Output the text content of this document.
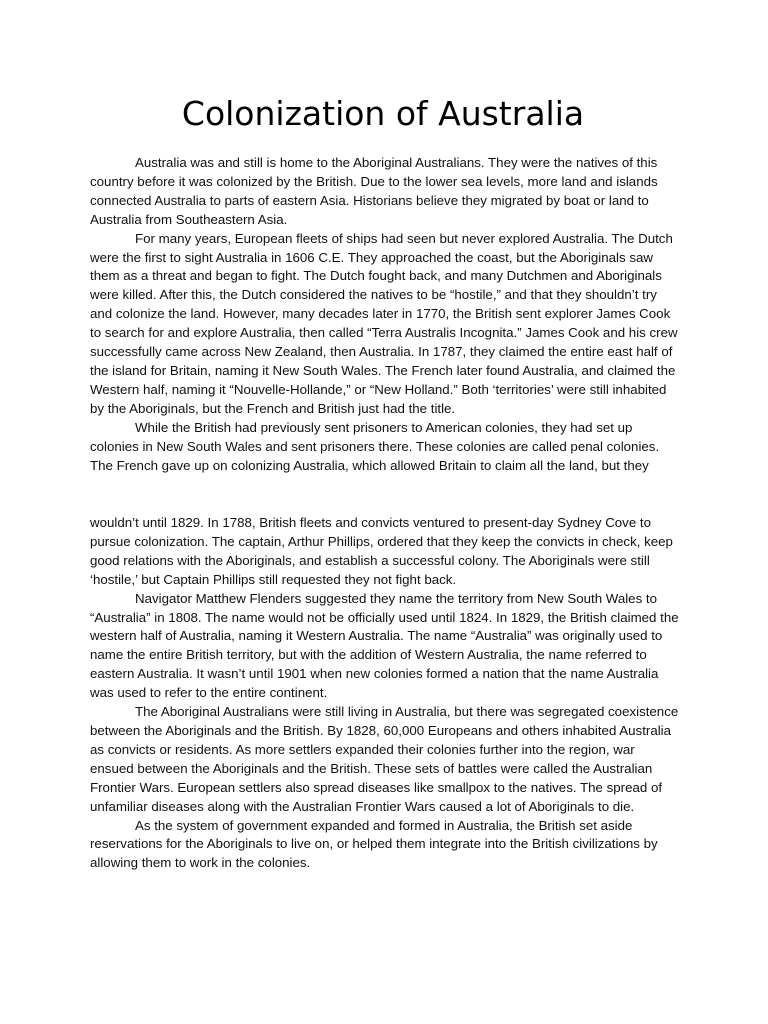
Colonization of Australia

Australia was and still is home to the Aboriginal Australians. They were the natives of this country before it was colonized by the British. Due to the lower sea levels, more land and islands connected Australia to parts of eastern Asia. Historians believe they migrated by boat or land to Australia from Southeastern Asia.

For many years, European fleets of ships had seen but never explored Australia. The Dutch were the first to sight Australia in 1606 C.E. They approached the coast, but the Aboriginals saw them as a threat and began to fight. The Dutch fought back, and many Dutchmen and Aboriginals were killed. After this, the Dutch considered the natives to be “hostile,” and that they shouldn’t try and colonize the land. However, many decades later in 1770, the British sent explorer James Cook to search for and explore Australia, then called “Terra Australis Incognita.” James Cook and his crew successfully came across New Zealand, then Australia. In 1787, they claimed the entire east half of the island for Britain, naming it New South Wales. The French later found Australia, and claimed the Western half, naming it “Nouvelle-Hollande,” or “New Holland.” Both ‘territories’ were still inhabited by the Aboriginals, but the French and British just had the title.

While the British had previously sent prisoners to American colonies, they had set up colonies in New South Wales and sent prisoners there. These colonies are called penal colonies. The French gave up on colonizing Australia, which allowed Britain to claim all the land, but they

wouldn’t until 1829. In 1788, British fleets and convicts ventured to present-day Sydney Cove to pursue colonization. The captain, Arthur Phillips, ordered that they keep the convicts in check, keep good relations with the Aboriginals, and establish a successful colony. The Aboriginals were still ‘hostile,’ but Captain Phillips still requested they not fight back.

Navigator Matthew Flenders suggested they name the territory from New South Wales to “Australia” in 1808. The name would not be officially used until 1824. In 1829, the British claimed the western half of Australia, naming it Western Australia. The name “Australia” was originally used to name the entire British territory, but with the addition of Western Australia, the name referred to eastern Australia. It wasn’t until 1901 when new colonies formed a nation that the name Australia was used to refer to the entire continent.

The Aboriginal Australians were still living in Australia, but there was segregated coexistence between the Aboriginals and the British. By 1828, 60,000 Europeans and others inhabited Australia as convicts or residents. As more settlers expanded their colonies further into the region, war ensued between the Aboriginals and the British. These sets of battles were called the Australian Frontier Wars. European settlers also spread diseases like smallpox to the natives. The spread of unfamiliar diseases along with the Australian Frontier Wars caused a lot of Aboriginals to die.

As the system of government expanded and formed in Australia, the British set aside reservations for the Aboriginals to live on, or helped them integrate into the British civilizations by allowing them to work in the colonies.
